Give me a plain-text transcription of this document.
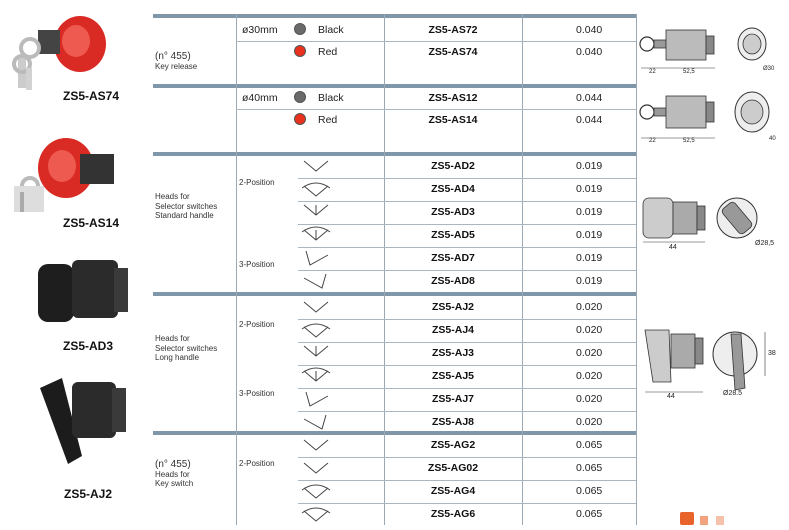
ZS5-AS74
ZS5-AS14
ZS5-AD3
ZS5-AJ2
(n° 455)
Key release
Heads for
Selector switches
Standard handle
Heads for
Selector switches
Long handle
(n° 455)
Heads for
Key switch
ø30mm	Black	ZS5-AS72	0.040
Red	ZS5-AS74	0.040
ø40mm	Black	ZS5-AS12	0.044
Red	ZS5-AS14	0.044
ZS5-AD2	0.019
ZS5-AD4	0.019
ZS5-AD3	0.019
ZS5-AD5	0.019
ZS5-AD7	0.019
ZS5-AD8	0.019
2-Position
3-Position
ZS5-AJ2	0.020
ZS5-AJ4	0.020
ZS5-AJ3	0.020
ZS5-AJ5	0.020
ZS5-AJ7	0.020
ZS5-AJ8	0.020
2-Position
3-Position
ZS5-AG2	0.065
ZS5-AG02	0.065
ZS5-AG4	0.065
ZS5-AG6	0.065
2-Position
22	52,5	Ø30
22	52,5	40
44
Ø28,5
44	Ø28.5
38
